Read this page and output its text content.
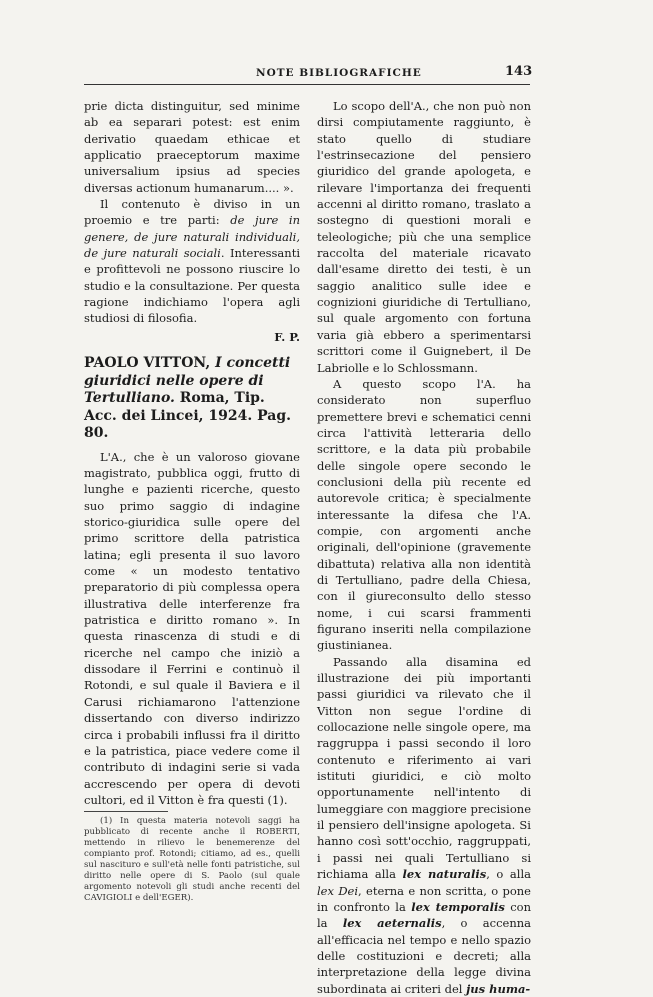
NOTE BIBLIOGRAFICHE	143

prie dicta distinguitur, sed minime ab ea separari potest: est enim derivatio quaedam ethicae et applicatio praeceptorum maxime universalium ipsius ad species diversas actionum humanarum.... ».

Il contenuto è diviso in un proemio e tre parti: de jure in genere, de jure naturali individuali, de jure naturali sociali. Interessanti e profittevoli ne possono riuscire lo studio e la consultazione. Per questa ragione indichiamo l'opera agli studiosi di filosofia.

F. P.

PAOLO VITTON, I concetti giuridici nelle opere di Tertulliano. Roma, Tip. Acc. dei Lincei, 1924. Pag. 80.

L'A., che è un valoroso giovane magistrato, pubblica oggi, frutto di lunghe e pazienti ricerche, questo suo primo saggio di indagine storico-giuridica sulle opere del primo scrittore della patristica latina; egli presenta il suo lavoro come « un modesto tentativo preparatorio di più complessa opera illustrativa delle interferenze fra patristica e diritto romano ». In questa rinascenza di studi e di ricerche nel campo che iniziò a dissodare il Ferrini e continuò il Rotondi, e sul quale il Baviera e il Carusi richiamarono l'attenzione dissertando con diverso indirizzo circa i probabili influssi fra il diritto e la patristica, piace vedere come il contributo di indagini serie si vada accrescendo per opera di devoti cultori, ed il Vitton è fra questi (1).

(1) In questa materia notevoli saggi ha pubblicato di recente anche il ROBERTI, mettendo in rilievo le benemerenze del compianto prof. Rotondi; citiamo, ad es., quelli sul nascituro e sull'età nelle fonti patristiche, sul diritto nelle opere di S. Paolo (sul quale argomento notevoli gli studi anche recenti del CAVIGIOLI e dell'EGER).

Lo scopo dell'A., che non può non dirsi compiutamente raggiunto, è stato quello di studiare l'estrinsecazione del pensiero giuridico del grande apologeta, e rilevare l'importanza dei frequenti accenni al diritto romano, traslato a sostegno di questioni morali e teleologiche; più che una semplice raccolta del materiale ricavato dall'esame diretto dei testi, è un saggio analitico sulle idee e cognizioni giuridiche di Tertulliano, sul quale argomento con fortuna varia già ebbero a sperimentarsi scrittori come il Guignebert, il De Labriolle e lo Schlossmann.

A questo scopo l'A. ha considerato non superfluo premettere brevi e schematici cenni circa l'attività letteraria dello scrittore, e la data più probabile delle singole opere secondo le conclusioni della più recente ed autorevole critica; è specialmente interessante la difesa che l'A. compie, con argomenti anche originali, dell'opinione (gravemente dibattuta) relativa alla non identità di Tertulliano, padre della Chiesa, con il giureconsulto dello stesso nome, i cui scarsi frammenti figurano inseriti nella compilazione giustinianea.

Passando alla disamina ed illustrazione dei più importanti passi giuridici va rilevato che il Vitton non segue l'ordine di collocazione nelle singole opere, ma raggruppa i passi secondo il loro contenuto e riferimento ai vari istituti giuridici, e ciò molto opportunamente nell'intento di lumeggiare con maggiore precisione il pensiero dell'insigne apologeta. Si hanno così sott'occhio, raggruppati, i passi nei quali Tertulliano si richiama alla lex naturalis, o alla lex Dei, eterna e non scritta, o pone in confronto la lex temporalis con la lex aeternalis, o accenna all'efficacia nel tempo e nello spazio delle costituzioni e decreti; alla interpretazione della legge divina subordinata ai criteri del jus huma-
